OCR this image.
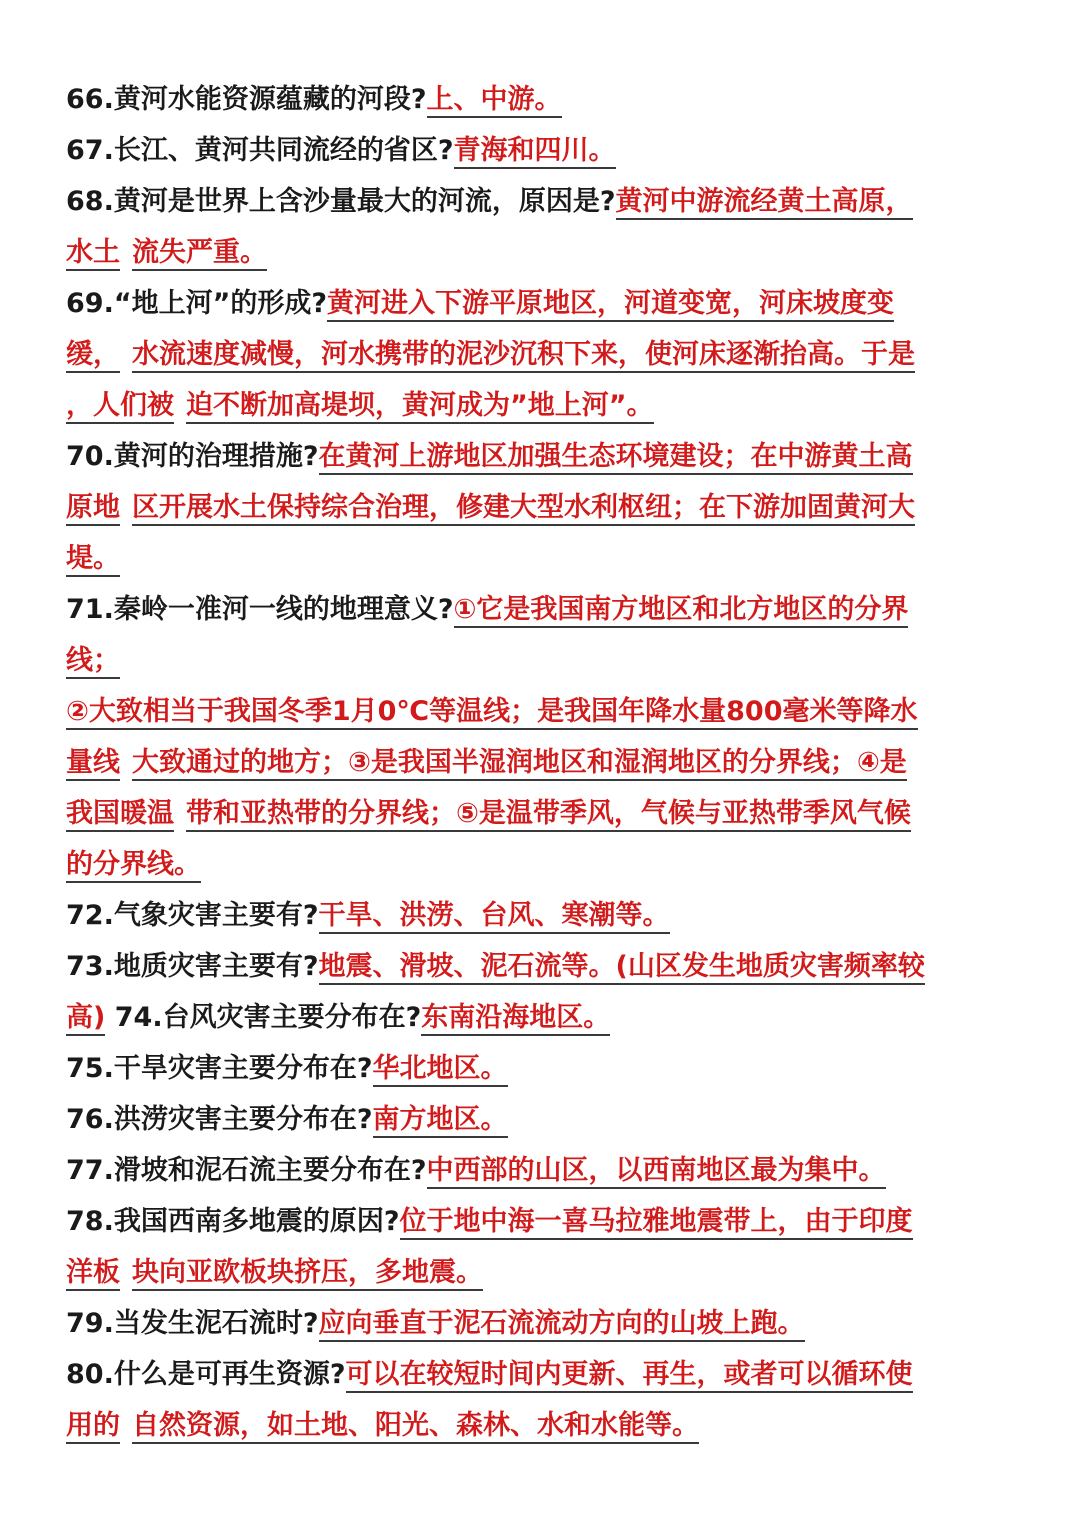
66.黄河水能资源蕴藏的河段?上、中游。
67.长江、黄河共同流经的省区?青海和四川。
68.黄河是世界上含沙量最大的河流，原因是?黄河中游流经黄土高原，
水土 流失严重。
69.“地上河”的形成?黄河进入下游平原地区，河道变宽，河床坡度变
缓， 水流速度减慢，河水携带的泥沙沉积下来，使河床逐渐抬高。于是
，人们被 迫不断加高堤坝，黄河成为”地上河”。
70.黄河的治理措施?在黄河上游地区加强生态环境建设；在中游黄土高
原地 区开展水土保持综合治理，修建大型水利枢纽；在下游加固黄河大
堤。
71.秦岭一准河一线的地理意义?①它是我国南方地区和北方地区的分界
线；
②大致相当于我国冬季1月0℃等温线；是我国年降水量800毫米等降水
量线 大致通过的地方；③是我国半湿润地区和湿润地区的分界线；④是
我国暖温 带和亚热带的分界线；⑤是温带季风，气候与亚热带季风气候
的分界线。
72.气象灾害主要有?干旱、洪涝、台风、寒潮等。
73.地质灾害主要有?地震、滑坡、泥石流等。(山区发生地质灾害频率较
高) 74.台风灾害主要分布在?东南沿海地区。
75.干旱灾害主要分布在?华北地区。
76.洪涝灾害主要分布在?南方地区。
77.滑坡和泥石流主要分布在?中西部的山区，以西南地区最为集中。
78.我国西南多地震的原因?位于地中海一喜马拉雅地震带上，由于印度
洋板 块向亚欧板块挤压，多地震。
79.当发生泥石流时?应向垂直于泥石流流动方向的山坡上跑。
80.什么是可再生资源?可以在较短时间内更新、再生，或者可以循环使
用的 自然资源，如土地、阳光、森林、水和水能等。
